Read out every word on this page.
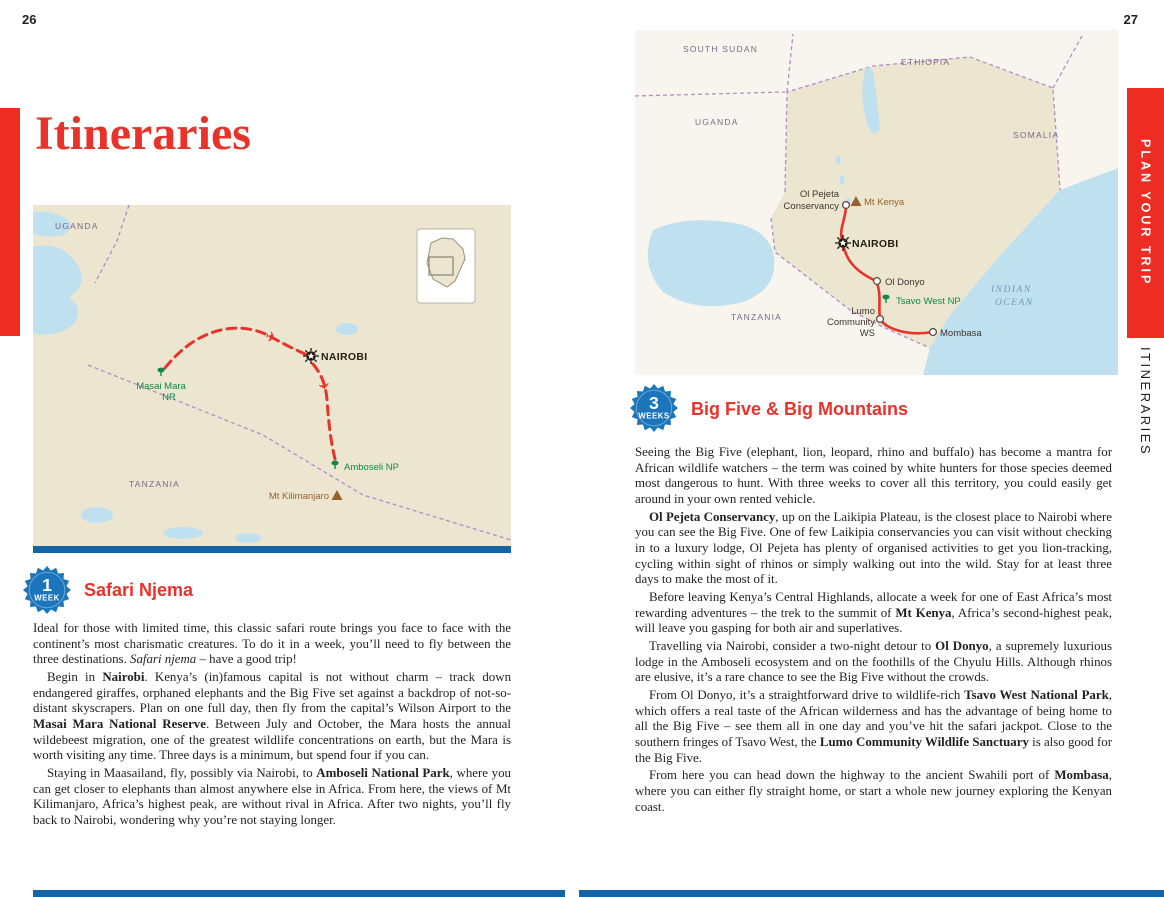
26	27
Itineraries
✈
✈
UGANDA
TANZANIA
NAIROBI
Masai Mara
NR
Amboseli NP
Mt Kilimanjaro
SOUTH SUDAN
ETHIOPIA
UGANDA
SOMALIA
TANZANIA
INDIAN
OCEAN
Ol Pejeta
Conservancy	Mt Kenya
NAIROBI
Ol Donyo
Tsavo West NP
Lumo
Community
WS	Mombasa
1
WEEK
3
WEEKS
Safari Njema
Big Five & Big Mountains

Ideal for those with limited time, this classic safari route brings you face to face with the continent’s most charismatic creatures. To do it in a week, you’ll need to fly between the three destinations. Safari njema – have a good trip!

Begin in Nairobi. Kenya’s (in)famous capital is not without charm – track down endangered giraffes, orphaned elephants and the Big Five set against a backdrop of not-so-distant skyscrapers. Plan on one full day, then fly from the capital’s Wilson Airport to the Masai Mara National Reserve. Between July and October, the Mara hosts the annual wildebeest migration, one of the greatest wildlife concentrations on earth, but the Mara is worth visiting any time. Three days is a minimum, but spend four if you can.

Staying in Maasailand, fly, possibly via Nairobi, to Amboseli National Park, where you can get closer to elephants than almost anywhere else in Africa. From here, the views of Mt Kilimanjaro, Africa’s highest peak, are without rival in Africa. After two nights, you’ll fly back to Nairobi, wondering why you’re not staying longer.

Seeing the Big Five (elephant, lion, leopard, rhino and buffalo) has become a mantra for African wildlife watchers – the term was coined by white hunters for those species deemed most dangerous to hunt. With three weeks to cover all this territory, you could easily get around in your own rented vehicle.

Ol Pejeta Conservancy, up on the Laikipia Plateau, is the closest place to Nairobi where you can see the Big Five. One of few Laikipia conservancies you can visit without checking in to a luxury lodge, Ol Pejeta has plenty of organised activities to get you lion-tracking, cycling within sight of rhinos or simply walking out into the wild. Stay for at least three days to make the most of it.

Before leaving Kenya’s Central Highlands, allocate a week for one of East Africa’s most rewarding adventures – the trek to the summit of Mt Kenya, Africa’s second-highest peak, will leave you gasping for both air and superlatives.

Travelling via Nairobi, consider a two-night detour to Ol Donyo, a supremely luxurious lodge in the Amboseli ecosystem and on the foothills of the Chyulu Hills. Although rhinos are elusive, it’s a rare chance to see the Big Five without the crowds.

From Ol Donyo, it’s a straightforward drive to wildlife-rich Tsavo West National Park, which offers a real taste of the African wilderness and has the advantage of being home to all the Big Five – see them all in one day and you’ve hit the safari jackpot. Close to the southern fringes of Tsavo West, the Lumo Community Wildlife Sanctuary is also good for the Big Five.

From here you can head down the highway to the ancient Swahili port of Mombasa, where you can either fly straight home, or start a whole new journey exploring the Kenyan coast.

PLAN YOUR TRIP
ITINERARIES
